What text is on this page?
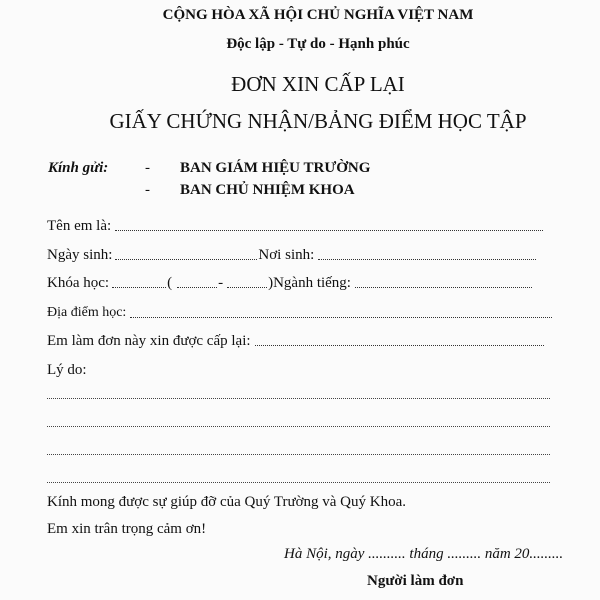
CỘNG HÒA XÃ HỘI CHỦ NGHĨA VIỆT NAM
Độc lập - Tự do - Hạnh phúc
ĐƠN XIN CẤP LẠI
GIẤY CHỨNG NHẬN/BẢNG ĐIỂM HỌC TẬP
Kính gửi: - BAN GIÁM HIỆU TRƯỜNG
- BAN CHỦ NHIỆM KHOA
Tên em là:
Ngày sinh:	Nơi sinh:
Khóa học:	(	-	)Ngành tiếng:
Địa điểm học:
Em làm đơn này xin được cấp lại:
Lý do:
Kính mong được sự giúp đỡ của Quý Trường và Quý Khoa.
Em xin trân trọng cảm ơn!
Hà Nội, ngày .......... tháng ......... năm 20.........
Người làm đơn
